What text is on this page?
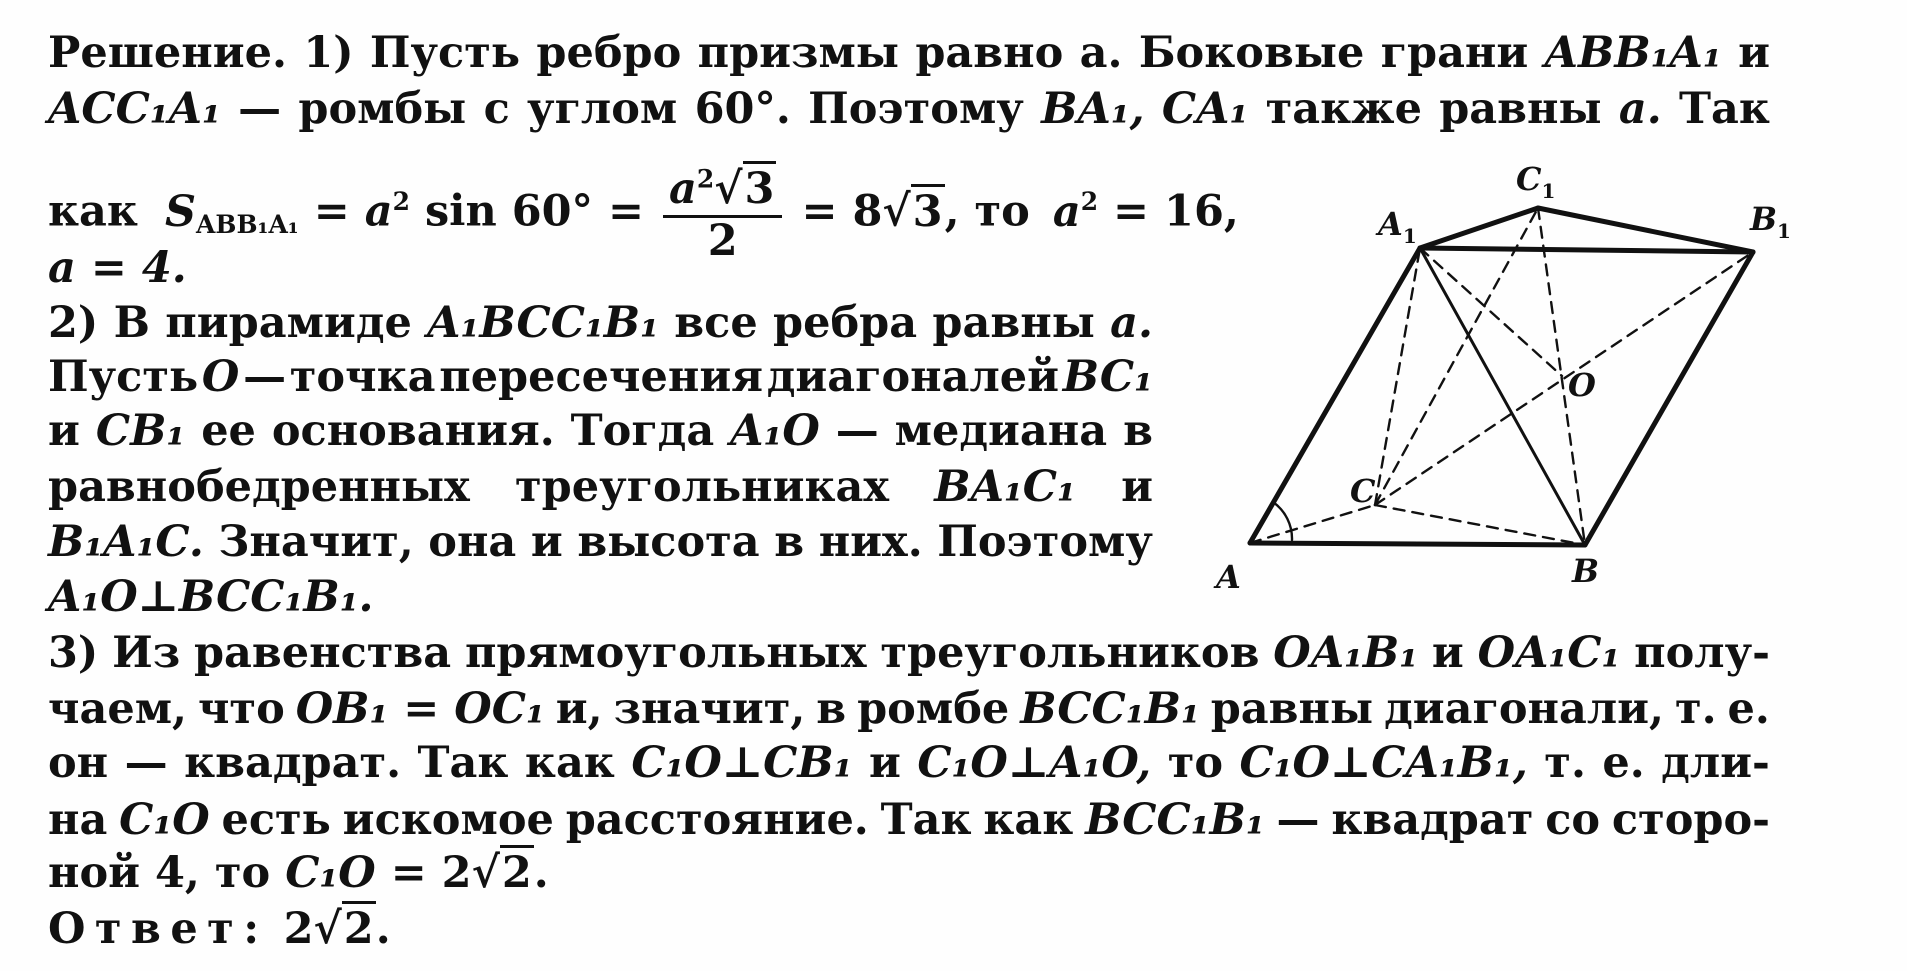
Решение. 1) Пусть ребро призмы равно a. Боковые грани ABB₁A₁ и
ACC₁A₁ — ромбы с углом 60°. Поэтому BA₁, CA₁ также равны a. Так
как $S_{ABB_1A_1} = a^2$ $\sin 60^\circ = \frac{a^2√3}{2} = 8√3$, то $a^2 = 16$,
a = 4.
2) В пирамиде A₁BCC₁B₁ все ребра равны a.
Пусть O — точка пересечения диагоналей BC₁
и CB₁ ее основания. Тогда A₁O — медиана в
равнобедренных треугольниках BA₁C₁ и
B₁A₁C. Значит, она и высота в них. Поэтому
A₁O⊥BCC₁B₁.
3) Из равенства прямоугольных треугольников OA₁B₁ и OA₁C₁ полу-
чаем, что OB₁ = OC₁ и, значит, в ромбе BCC₁B₁ равны диагонали, т. е.
он — квадрат. Так как C₁O⊥CB₁ и C₁O⊥A₁O, то C₁O⊥CA₁B₁, т. е. дли-
на C₁O есть искомое расстояние. Так как BCC₁B₁ — квадрат со сторо-
ной 4, то C₁O = 2√2.
Ответ: 2√2.
A	B
C
O
$A_1$
$C_1$
$B_1$
